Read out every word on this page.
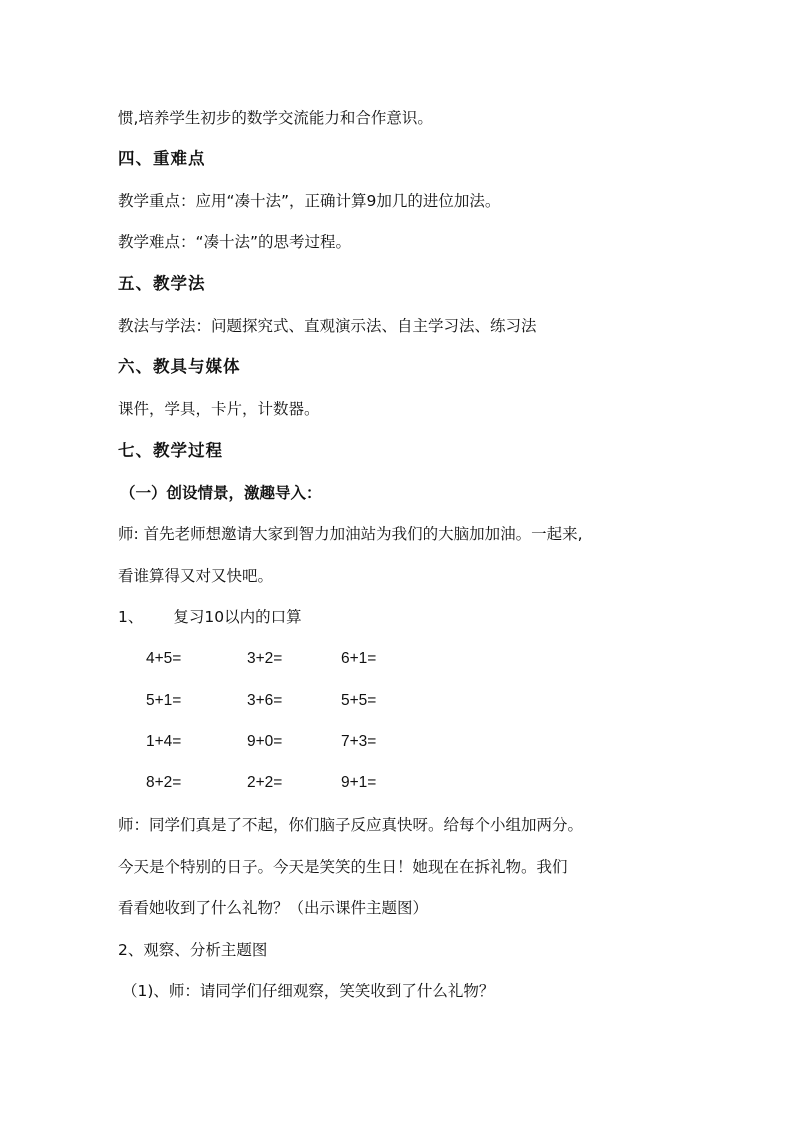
惯,培养学生初步的数学交流能力和合作意识。
四、重难点
教学重点：应用“凑十法”，正确计算9加几的进位加法。
教学难点：“凑十法”的思考过程。
五、教学法
教法与学法：问题探究式、直观演示法、自主学习法、练习法
六、教具与媒体
课件，学具，卡片，计数器。
七、教学过程
（一）创设情景，激趣导入：
师: 首先老师想邀请大家到智力加油站为我们的大脑加加油。一起来,
看谁算得又对又快吧。
1、 复习10以内的口算
4+5=	3+2=	6+1=
5+1=	3+6=	5+5=
1+4=	9+0=	7+3=
8+2=	2+2=	9+1=
师：同学们真是了不起，你们脑子反应真快呀。给每个小组加两分。
今天是个特别的日子。今天是笑笑的生日！她现在在拆礼物。我们
看看她收到了什么礼物？（出示课件主题图）
2、观察、分析主题图
（1)、师：请同学们仔细观察，笑笑收到了什么礼物？
